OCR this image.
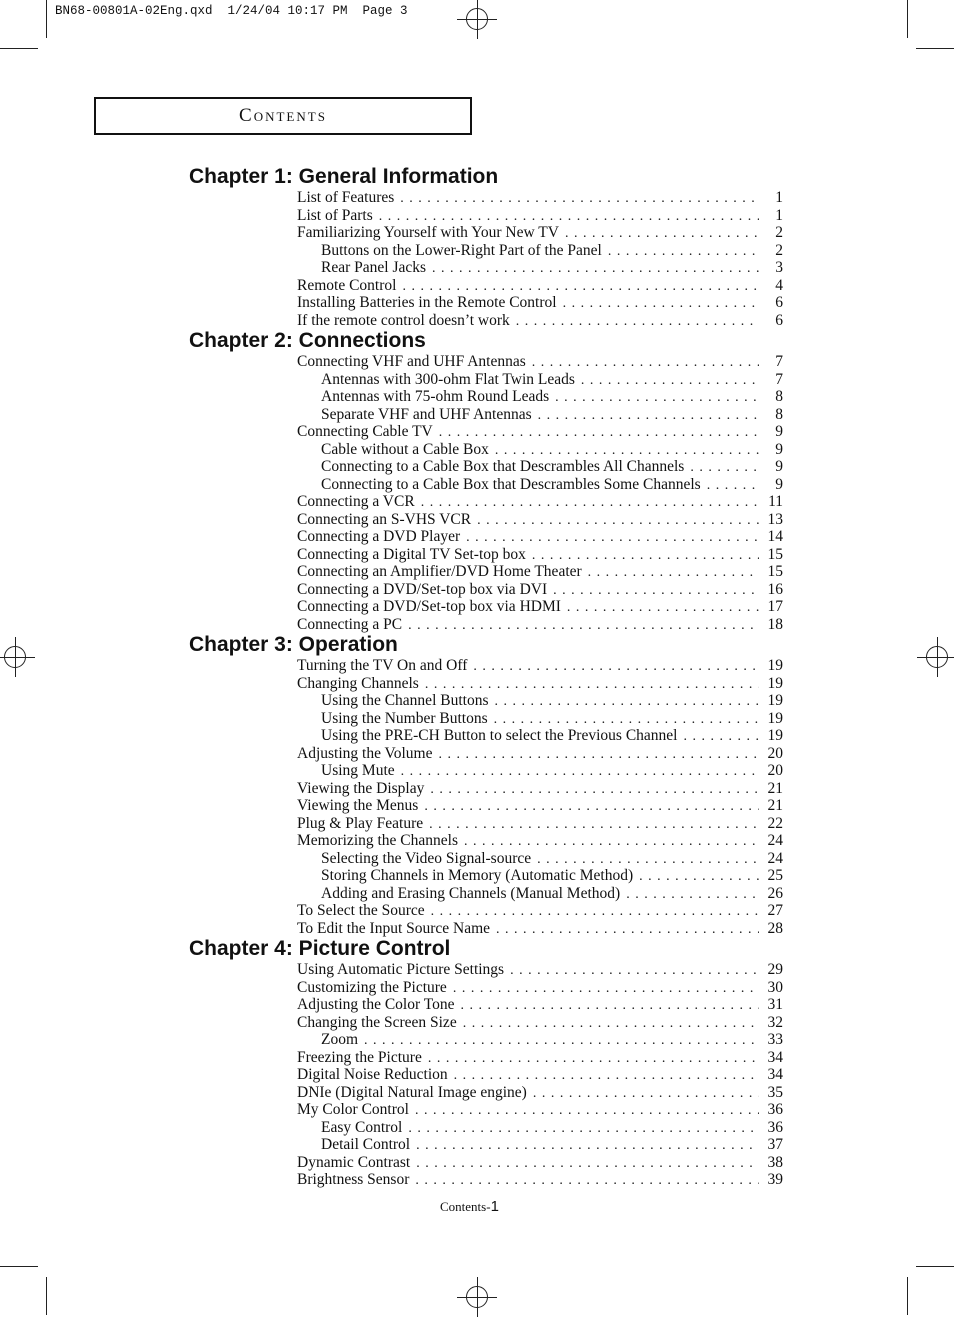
BN68-00801A-02Eng.qxd  1/24/04 10:17 PM  Page 3
Contents
Chapter 1: General Information
List of Features . . .	1
List of Parts . . .	1
Familiarizing Yourself with Your New TV . . .	2
Buttons on the Lower-Right Part of the Panel . . .	2
Rear Panel Jacks . . .	3
Remote Control . . .	4
Installing Batteries in the Remote Control . . .	6
If the remote control doesn’t work . . .	6
Chapter 2: Connections
Connecting VHF and UHF Antennas . . .	7
Antennas with 300-ohm Flat Twin Leads . . .	7
Antennas with 75-ohm Round Leads . . .	8
Separate VHF and UHF Antennas . . .	8
Connecting Cable TV . . .	9
Cable without a Cable Box . . .	9
Connecting to a Cable Box that Descrambles All Channels . . .	9
Connecting to a Cable Box that Descrambles Some Channels . . .	9
Connecting a VCR . . .	11
Connecting an S-VHS VCR . . .	13
Connecting a DVD Player . . .	14
Connecting a Digital TV Set-top box . . .	15
Connecting an Amplifier/DVD Home Theater . . .	15
Connecting a DVD/Set-top box via DVI . . .	16
Connecting a DVD/Set-top box via HDMI . . .	17
Connecting a PC . . .	18
Chapter 3: Operation
Turning the TV On and Off . . .	19
Changing Channels . . .	19
Using the Channel Buttons . . .	19
Using the Number Buttons . . .	19
Using the PRE-CH Button to select the Previous Channel . . .	19
Adjusting the Volume . . .	20
Using Mute . . .	20
Viewing the Display . . .	21
Viewing the Menus . . .	21
Plug & Play Feature . . .	22
Memorizing the Channels . . .	24
Selecting the Video Signal-source . . .	24
Storing Channels in Memory (Automatic Method) . . .	25
Adding and Erasing Channels (Manual Method) . . .	26
To Select the Source . . .	27
To Edit the Input Source Name . . .	28
Chapter 4: Picture Control
Using Automatic Picture Settings . . .	29
Customizing the Picture . . .	30
Adjusting the Color Tone . . .	31
Changing the Screen Size . . .	32
Zoom . . .	33
Freezing the Picture . . .	34
Digital Noise Reduction . . .	34
DNIe (Digital Natural Image engine) . . .	35
My Color Control . . .	36
Easy Control . . .	36
Detail Control . . .	37
Dynamic Contrast . . .	38
Brightness Sensor . . .	39
Contents-1
